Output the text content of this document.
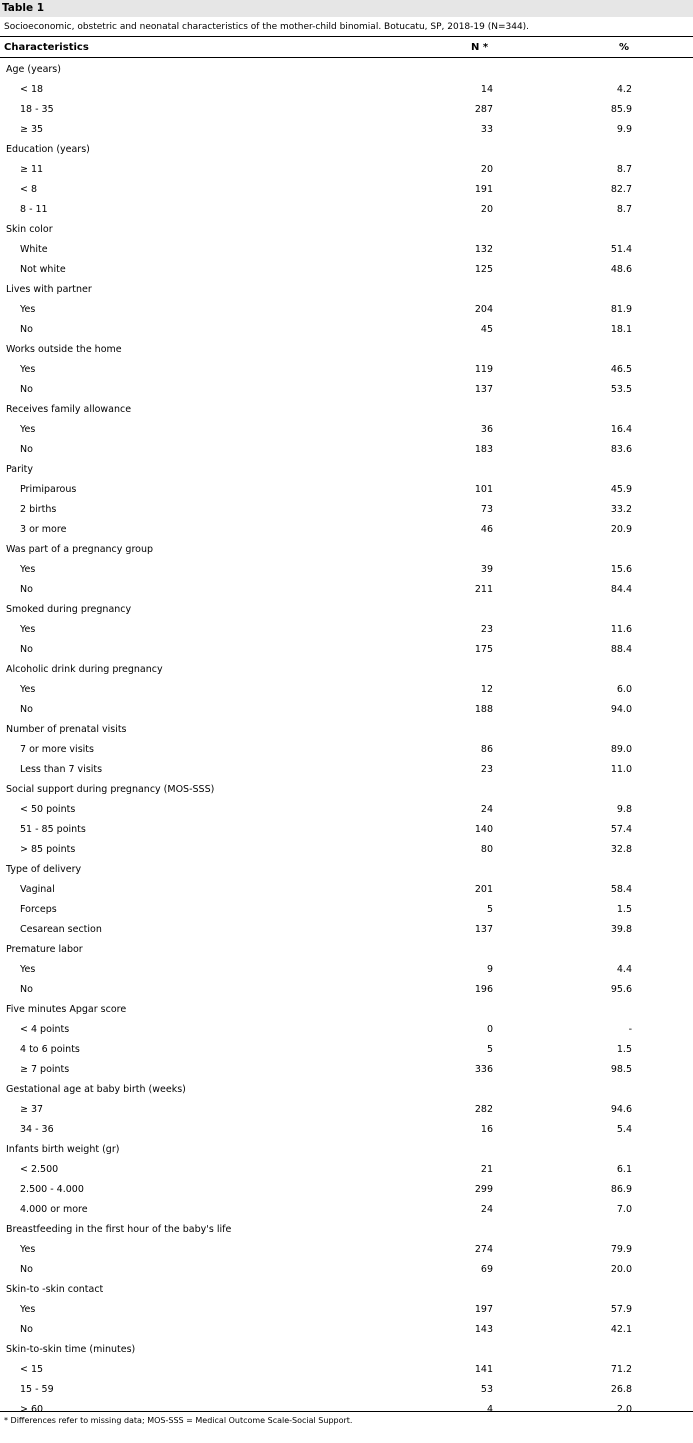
Table 1
Socioeconomic, obstetric and neonatal characteristics of the mother-child binomial. Botucatu, SP, 2018-19 (N=344).
Characteristics	N *	%
Age (years)
< 18	14	4.2
18 - 35	287	85.9
≥ 35	33	9.9
Education (years)
≥ 11	20	8.7
< 8	191	82.7
8 - 11	20	8.7
Skin color
White	132	51.4
Not white	125	48.6
Lives with partner
Yes	204	81.9
No	45	18.1
Works outside the home
Yes	119	46.5
No	137	53.5
Receives family allowance
Yes	36	16.4
No	183	83.6
Parity
Primiparous	101	45.9
2 births	73	33.2
3 or more	46	20.9
Was part of a pregnancy group
Yes	39	15.6
No	211	84.4
Smoked during pregnancy
Yes	23	11.6
No	175	88.4
Alcoholic drink during pregnancy
Yes	12	6.0
No	188	94.0
Number of prenatal visits
7 or more visits	86	89.0
Less than 7 visits	23	11.0
Social support during pregnancy (MOS-SSS)
< 50 points	24	9.8
51 - 85 points	140	57.4
> 85 points	80	32.8
Type of delivery
Vaginal	201	58.4
Forceps	5	1.5
Cesarean section	137	39.8
Premature labor
Yes	9	4.4
No	196	95.6
Five minutes Apgar score
< 4 points	0	-
4 to 6 points	5	1.5
≥ 7 points	336	98.5
Gestational age at baby birth (weeks)
≥ 37	282	94.6
34 - 36	16	5.4
Infants birth weight (gr)
< 2.500	21	6.1
2.500 - 4.000	299	86.9
4.000 or more	24	7.0
Breastfeeding in the first hour of the baby's life
Yes	274	79.9
No	69	20.0
Skin-to -skin contact
Yes	197	57.9
No	143	42.1
Skin-to-skin time (minutes)
< 15	141	71.2
15 - 59	53	26.8
> 60	4	2.0
* Differences refer to missing data; MOS-SSS = Medical Outcome Scale-Social Support.
